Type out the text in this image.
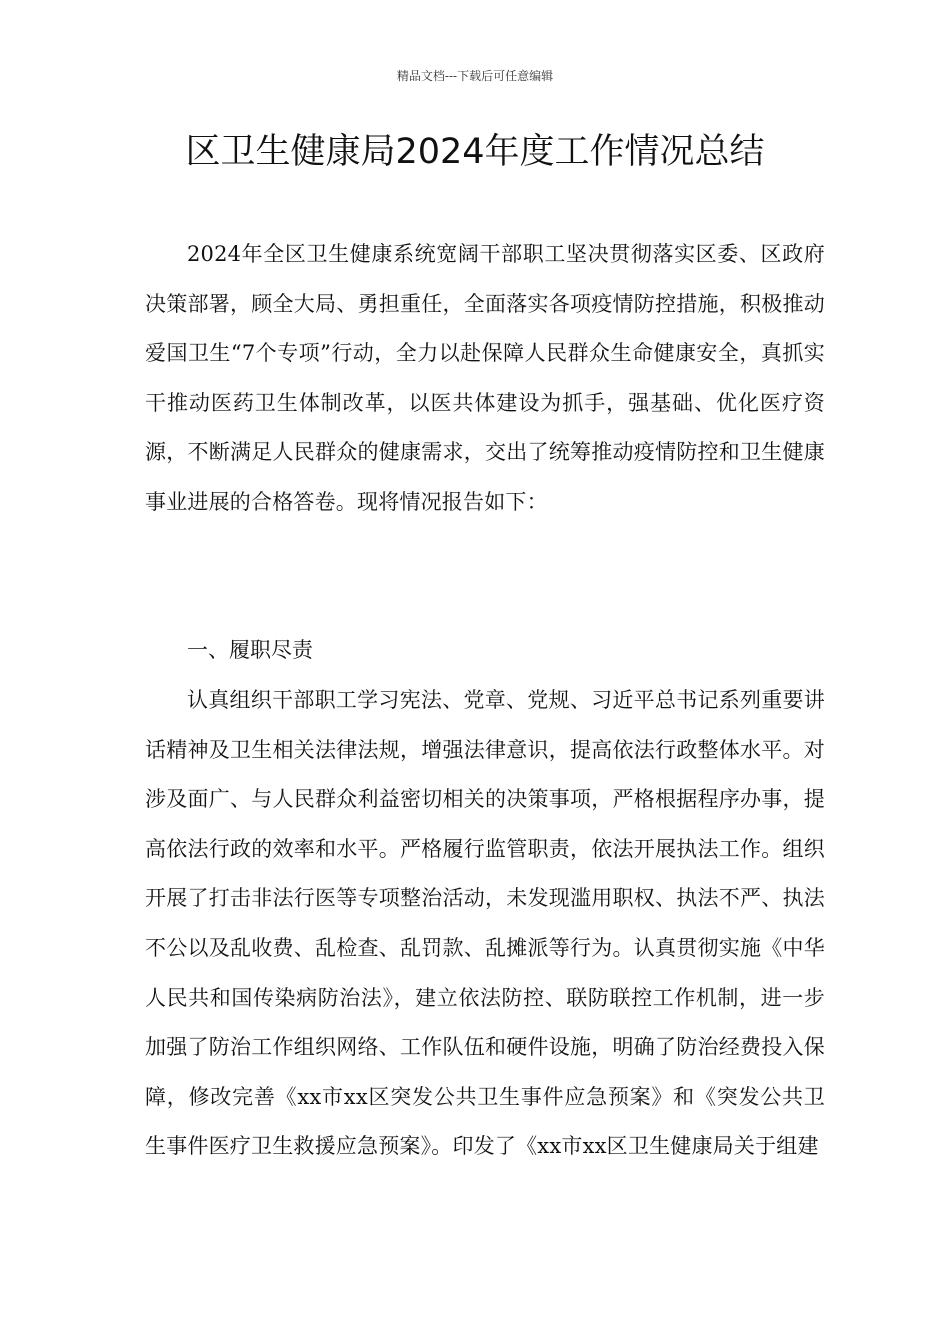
精品文档---下载后可任意编辑
区卫生健康局2024年度工作情况总结

2024年全区卫生健康系统宽阔干部职工坚决贯彻落实区委、区政府决策部署，顾全大局、勇担重任，全面落实各项疫情防控措施，积极推动爱国卫生“7个专项”行动，全力以赴保障人民群众生命健康安全，真抓实干推动医药卫生体制改革，以医共体建设为抓手，强基础、优化医疗资源，不断满足人民群众的健康需求，交出了统筹推动疫情防控和卫生健康事业进展的合格答卷。现将情况报告如下：

一、履职尽责

认真组织干部职工学习宪法、党章、党规、习近平总书记系列重要讲话精神及卫生相关法律法规，增强法律意识，提高依法行政整体水平。对涉及面广、与人民群众利益密切相关的决策事项，严格根据程序办事，提高依法行政的效率和水平。严格履行监管职责，依法开展执法工作。组织开展了打击非法行医等专项整治活动，未发现滥用职权、执法不严、执法不公以及乱收费、乱检查、乱罚款、乱摊派等行为。认真贯彻实施《中华人民共和国传染病防治法》，建立依法防控、联防联控工作机制，进一步加强了防治工作组织网络、工作队伍和硬件设施，明确了防治经费投入保障，修改完善《xx市xx区突发公共卫生事件应急预案》和《突发公共卫生事件医疗卫生救援应急预案》。印发了《xx市xx区卫生健康局关于组建
